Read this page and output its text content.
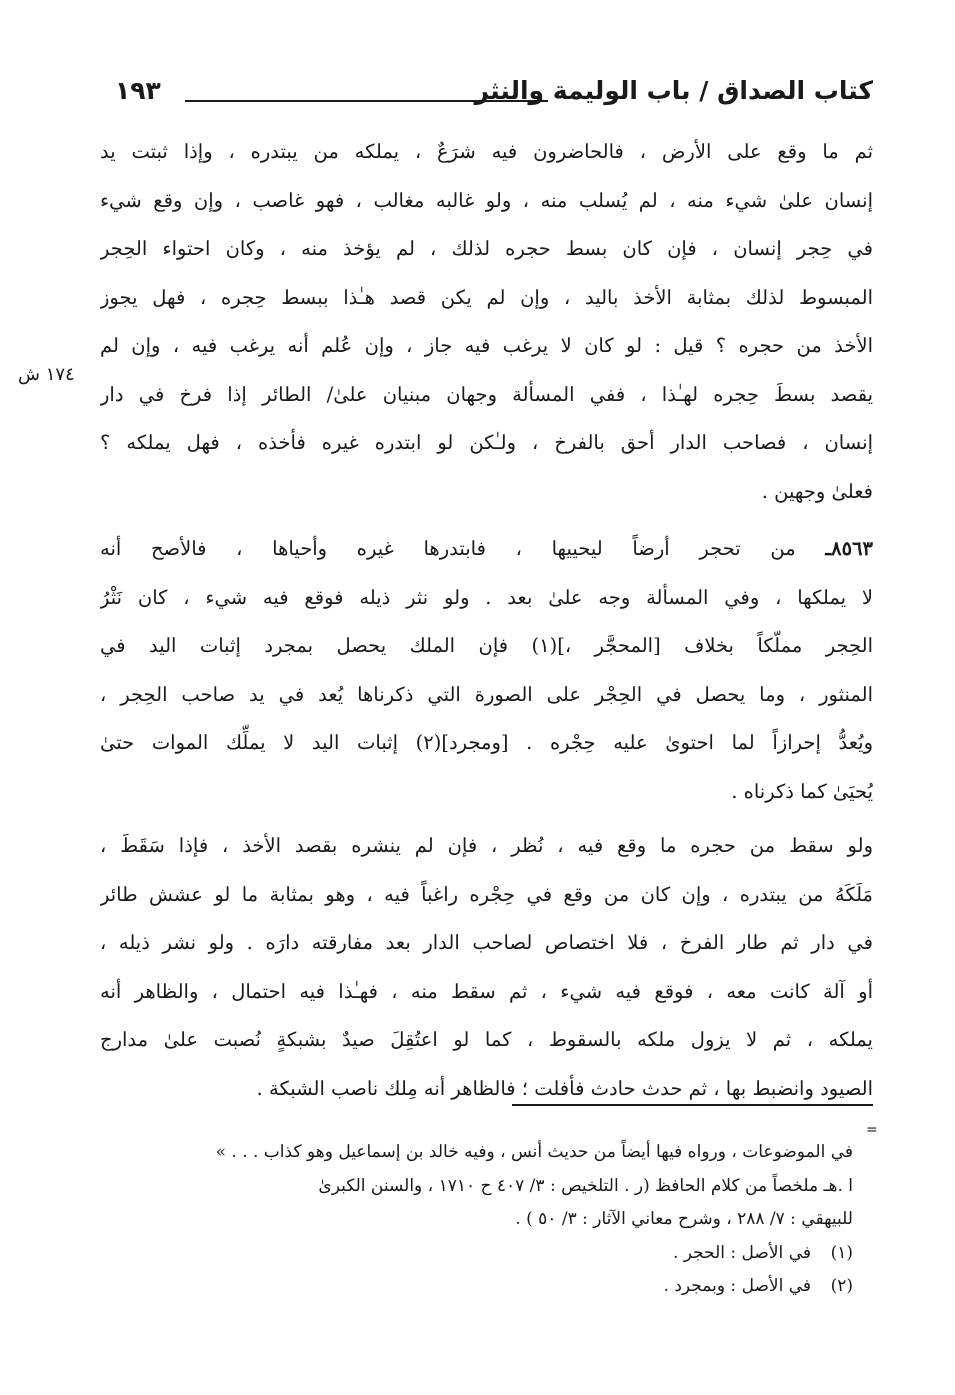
كتاب الصداق / باب الوليمة والنثر
١٩٣
ثم ما وقع على الأرض ، فالحاضرون فيه شرَعٌ ، يملكه من يبتدره ، وإذا ثبتت يد
إنسان علىٰ شيء منه ، لم يُسلب منه ، ولو غالبه مغالب ، فهو غاصب ، وإن وقع شيء
في حِجر إنسان ، فإن كان بسط حجره لذلك ، لم يؤخذ منه ، وكان احتواء الحِجر
المبسوط لذلك بمثابة الأخذ باليد ، وإن لم يكن قصد هـٰذا ببسط حِجره ، فهل يجوز
الأخذ من حجره ؟ قيل : لو كان لا يرغب فيه جاز ، وإن عُلم أنه يرغب فيه ، وإن لم
يقصد بسطَ حِجره لهـٰذا ، ففي المسألة وجهان مبنيان علىٰ/ الطائر إذا فرخ في دار
إنسان ، فصاحب الدار أحق بالفرخ ، ولـٰكن لو ابتدره غيره فأخذه ، فهل يملكه ؟
فعلىٰ وجهين .
١٧٤ ش
٨٥٦٣ـ من تحجر أرضاً ليحييها ، فابتدرها غيره وأحياها ، فالأصح أنه
لا يملكها ، وفي المسألة وجه علىٰ بعد . ولو نثر ذيله فوقع فيه شيء ، كان نَثْرُ
الحِجر مملّكاً بخلاف [المحجَّر ،](١) فإن الملك يحصل بمجرد إثبات اليد في
المنثور ، وما يحصل في الحِجْر على الصورة التي ذكرناها يُعد في يد صاحب الحِجر ،
ويُعدُّ إحرازاً لما احتوىٰ عليه حِجْره . [ومجرد](٢) إثبات اليد لا يملِّك الموات حتىٰ
يُحيَىٰ كما ذكرناه .
ولو سقط من حجره ما وقع فيه ، نُظر ، فإن لم ينشره بقصد الأخذ ، فإذا سَقَطَ ،
مَلَكَهُ من يبتدره ، وإن كان من وقع في حِجْره راغباً فيه ، وهو بمثابة ما لو عشش طائر
في دار ثم طار الفرخ ، فلا اختصاص لصاحب الدار بعد مفارقته دارَه . ولو نشر ذيله ،
أو آلة كانت معه ، فوقع فيه شيء ، ثم سقط منه ، فهـٰذا فيه احتمال ، والظاهر أنه
يملكه ، ثم لا يزول ملكه بالسقوط ، كما لو اعتُقِلَ صيدٌ بشبكةٍ نُصبت علىٰ مدارج
الصيود وانضبط بها ، ثم حدث حادث فأفلت ؛ فالظاهر أنه مِلك ناصب الشبكة .
=
في الموضوعات ، ورواه فيها أيضاً من حديث أنس ، وفيه خالد بن إسماعيل وهو كذاب . . . »
ا .هـ ملخصاً من كلام الحافظ (ر . التلخيص : ٣/ ٤٠٧ ح ١٧١٠ ، والسنن الكبرىٰ
للبيهقي : ٧/ ٢٨٨ ، وشرح معاني الآثار : ٣/ ٥٠ ) .
(١)في الأصل : الحجر .
(٢)في الأصل : وبمجرد .
